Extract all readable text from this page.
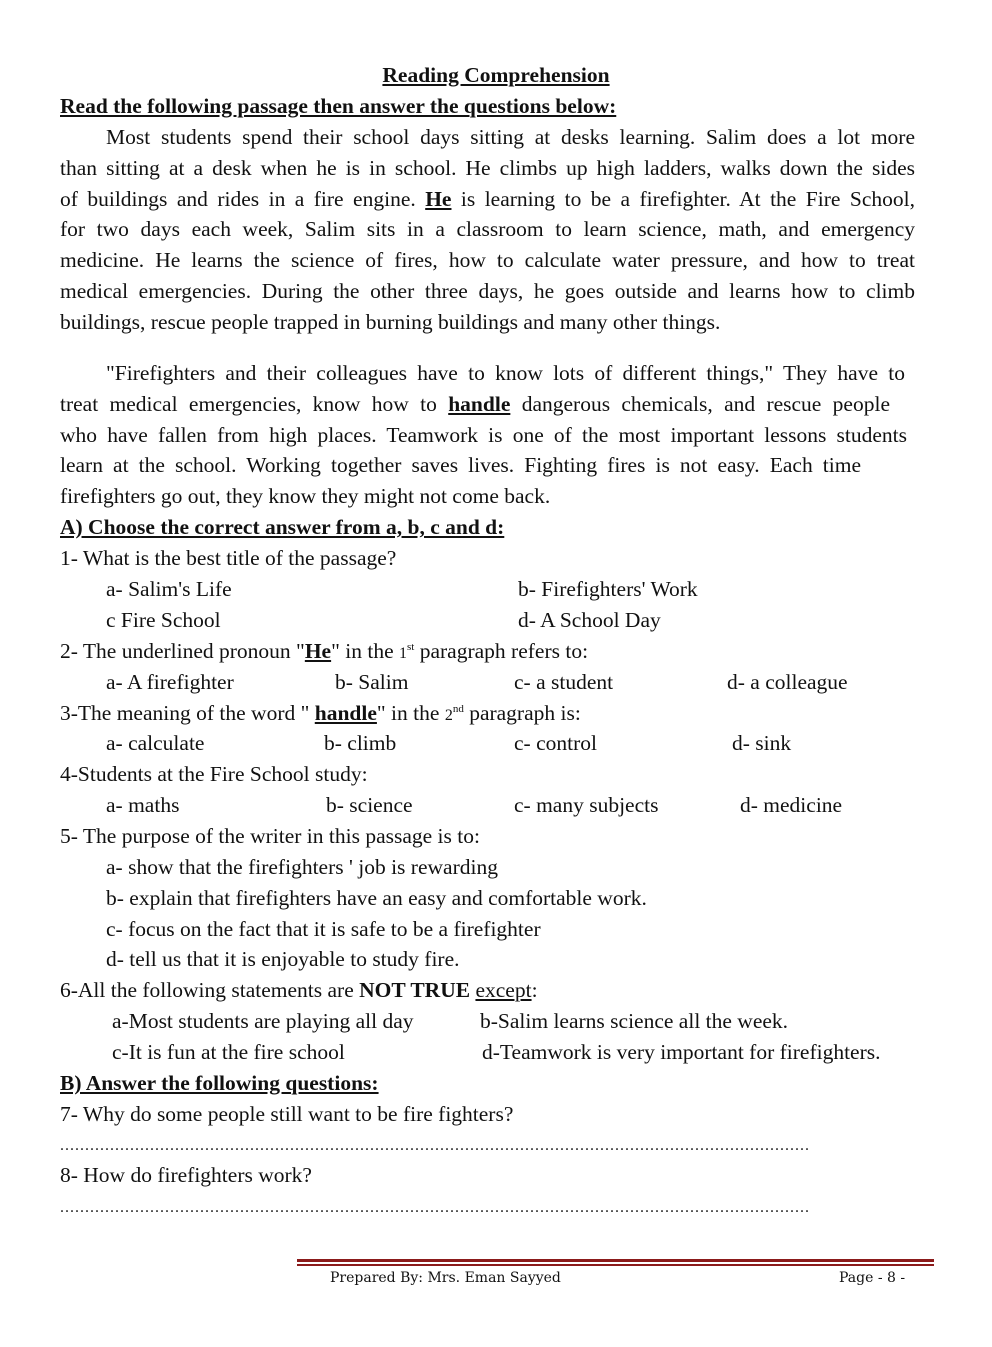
Reading Comprehension
Read the following passage then answer the questions below:
Most students spend their school days sitting at desks learning. Salim does a lot more
than sitting at a desk when he is in school. He climbs up high ladders, walks down the sides
of buildings and rides in a fire engine. He is learning to be a firefighter. At the Fire School,
for two days each week, Salim sits in a classroom to learn science, math, and emergency
medicine. He learns the science of fires, how to calculate water pressure, and how to treat
medical emergencies. During the other three days, he goes outside and learns how to climb
buildings, rescue people trapped in burning buildings and many other things.
"Firefighters and their colleagues have to know lots of different things," They have to
treat medical emergencies, know how to handle dangerous chemicals, and rescue people
who have fallen from high places. Teamwork is one of the most important lessons students
learn at the school. Working together saves lives. Fighting fires is not easy. Each time
firefighters go out, they know they might not come back.
A) Choose the correct answer from a, b, c and d:
1- What is the best title of the passage?
a- Salim's Life	b- Firefighters' Work
c Fire School	d- A School Day
2- The underlined pronoun "He" in the 1st paragraph refers to:
a- A firefighter	b- Salim	c- a student	d- a colleague
3-The meaning of the word " handle" in the 2nd paragraph is:
a- calculate	b- climb	c- control	d- sink
4-Students at the Fire School study:
a- maths	b- science	c- many subjects	d- medicine
5- The purpose of the writer in this passage is to:
a- show that the firefighters ' job is rewarding
b- explain that firefighters have an easy and comfortable work.
c- focus on the fact that it is safe to be a firefighter
d- tell us that it is enjoyable to study fire.
6-All the following statements are NOT TRUE except:
a-Most students are playing all day	b-Salim learns science all the week.
c-It is fun at the fire school	d-Teamwork is very important for firefighters.
B) Answer the following questions:
7- Why do some people still want to be fire fighters?
......................................................................................................................................................
8- How do firefighters work?
......................................................................................................................................................
Prepared By: Mrs. Eman Sayyed	Page - 8 -
